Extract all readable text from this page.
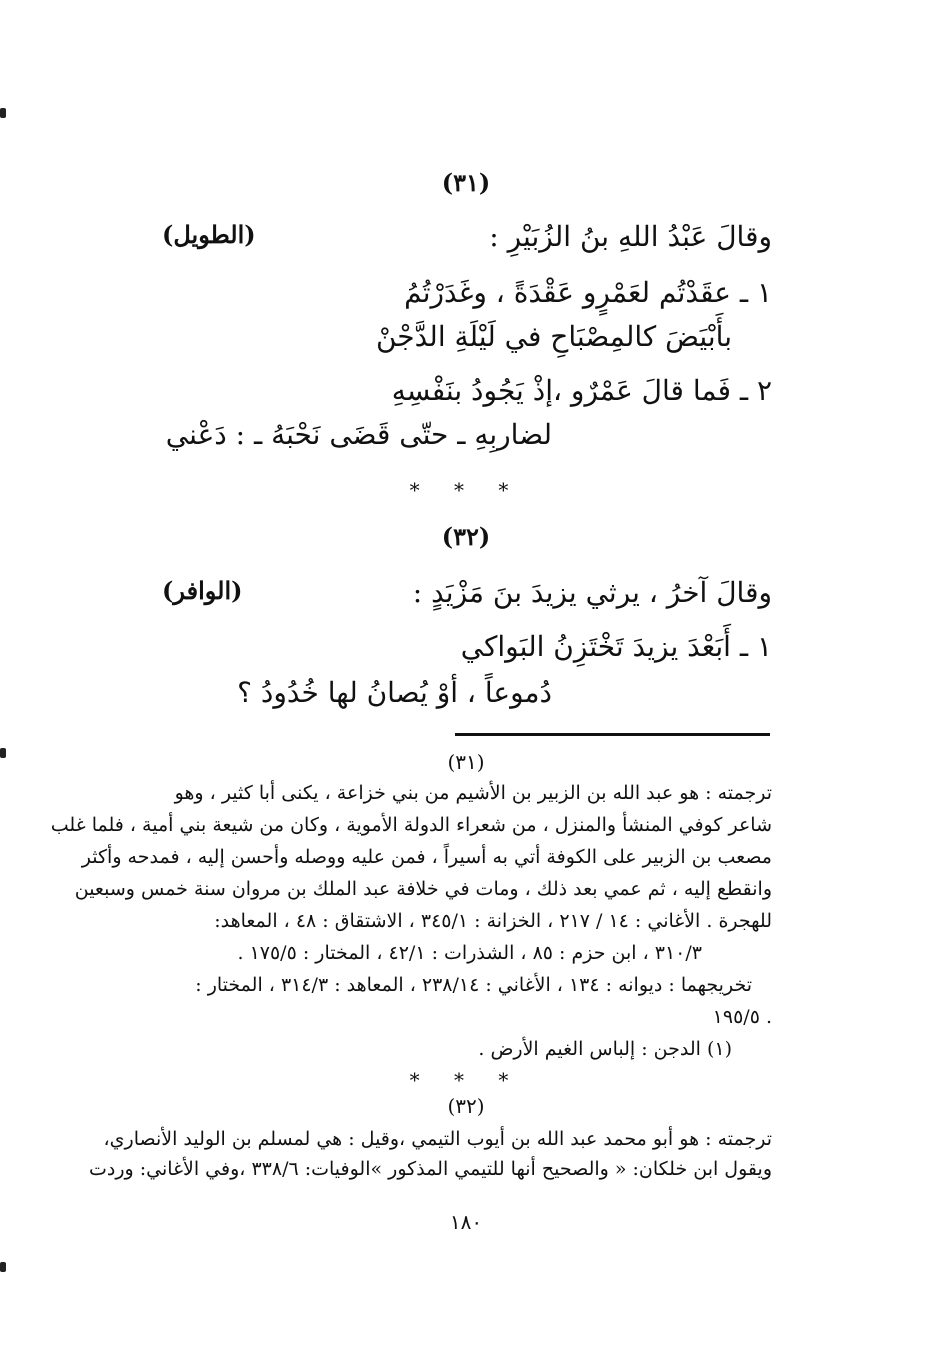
(٣١)
وقالَ عَبْدُ اللهِ بنُ الزُبَيْرِ :
(الطويل)
١ ـ عقَدْتُم لعَمْرٍو عَقْدَةً ، وغَدَرْتُمُ
بأَبْيَضَ كالمِصْبَاحِ في لَيْلَةِ الدَّجْنْ
٢ ـ فَما قالَ عَمْرٌو ،إذْ يَجُودُ بنَفْسِهِ
لضاربِهِ ـ حتّى قَضَى نَحْبَهُ ـ : دَعْني
* * *
(٣٢)
وقالَ آخرُ ، يرثي يزيدَ بنَ مَزْيَدٍ :
(الوافر)
١ ـ أَبَعْدَ يزيدَ تَخْتَزِنُ البَواكي
دُموعاً ، أوْ يُصانُ لها خُدُودُ ؟
(٣١)
ترجمته : هو عبد الله بن الزبير بن الأشيم من بني خزاعة ، يكنى أبا كثير ، وهو
شاعر كوفي المنشأ والمنزل ، من شعراء الدولة الأموية ، وكان من شيعة بني أمية ، فلما غلب
مصعب بن الزبير على الكوفة أتي به أسيراً ، فمن عليه ووصله وأحسن إليه ، فمدحه وأكثر
وانقطع إليه ، ثم عمي بعد ذلك ، ومات في خلافة عبد الملك بن مروان سنة خمس وسبعين
للهجرة . الأغاني : ١٤ / ٢١٧ ، الخزانة : ٣٤٥/١ ، الاشتقاق : ٤٨ ، المعاهد:
٣١٠/٣ ، ابن حزم : ٨٥ ، الشذرات : ٤٢/١ ، المختار : ١٧٥/٥ .
تخريجهما : ديوانه : ١٣٤ ، الأغاني : ٢٣٨/١٤ ، المعاهد : ٣١٤/٣ ، المختار :
١٩٥/٥ .
(١) الدجن : إلباس الغيم الأرض .
* * *
(٣٢)
ترجمته : هو أبو محمد عبد الله بن أيوب التيمي ،وقيل : هي لمسلم بن الوليد الأنصاري،
ويقول ابن خلكان: « والصحيح أنها للتيمي المذكور »الوفيات: ٣٣٨/٦ ،وفي الأغاني: وردت
١٨٠
